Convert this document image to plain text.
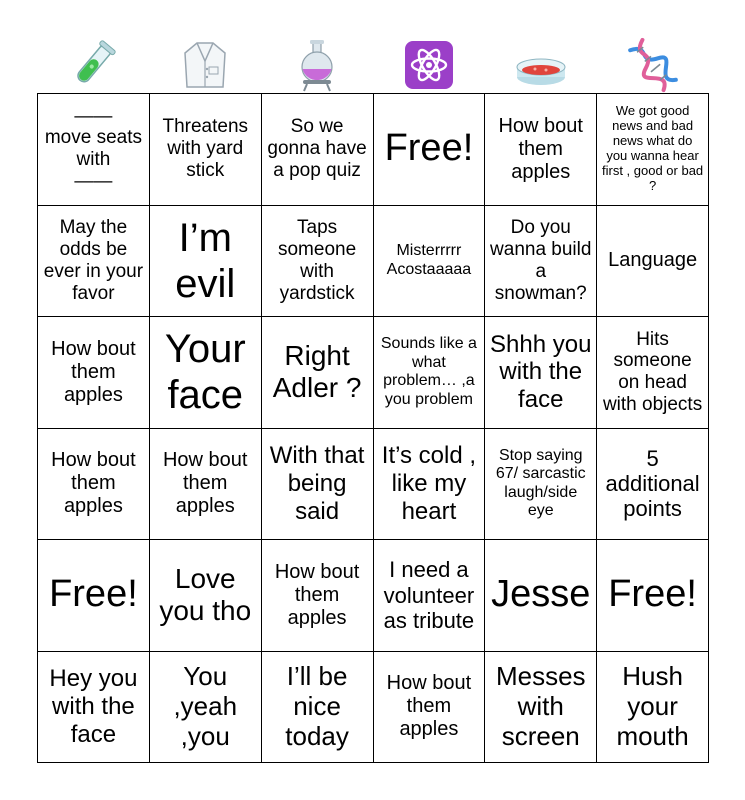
——
move seats with
——
Threatens with yard stick
So we gonna have a pop quiz
Free!
How bout them apples
We got good news and bad news what do you wanna hear first , good or bad ?
May the odds be ever in your favor
I’m evil
Taps someone with yardstick
Misterrrrr Acostaaaaa
Do you wanna build a snowman?
Language
How bout them apples
Your face
Right Adler ?
Sounds like a what problem… ,a you problem
Shhh you with the face
Hits someone on head with objects
How bout them apples
How bout them apples
With that being said
It’s cold , like my heart
Stop saying 67/ sarcastic laugh/side eye
5 additional points
Free!	Love you tho
How bout them apples
I need a volunteer as tribute
Jesse Free!
Hey you with the face
You ,yeah ,you
I’ll be nice today
How bout them apples
Messes with screen
Hush your mouth
